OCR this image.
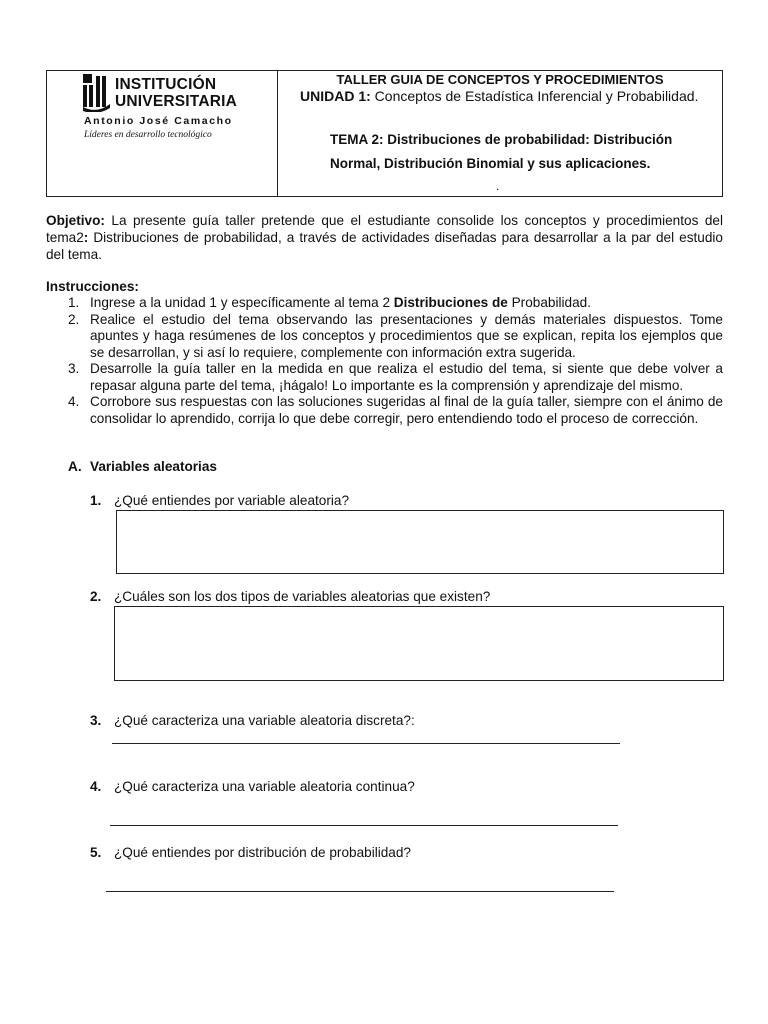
INSTITUCIÓN
UNIVERSITARIA
Antonio José Camacho
Líderes en desarrollo tecnológico
TALLER GUIA DE CONCEPTOS Y PROCEDIMIENTOS
UNIDAD 1: Conceptos de Estadística Inferencial y Probabilidad.
TEMA 2: Distribuciones de probabilidad: Distribución
Normal, Distribución Binomial y sus aplicaciones.
.
Objetivo: La presente guía taller pretende que el estudiante consolide los conceptos y procedimientos del tema2: Distribuciones de probabilidad, a través de actividades diseñadas para desarrollar a la par del estudio del tema.
Instrucciones:
1. Ingrese a la unidad 1 y específicamente al tema 2 Distribuciones de Probabilidad.
2. Realice el estudio del tema observando las presentaciones y demás materiales dispuestos. Tome apuntes y haga resúmenes de los conceptos y procedimientos que se explican, repita los ejemplos que se desarrollan, y si así lo requiere, complemente con información extra sugerida.
3. Desarrolle la guía taller en la medida en que realiza el estudio del tema, si siente que debe volver a repasar alguna parte del tema, ¡hágalo! Lo importante es la comprensión y aprendizaje del mismo.
4. Corrobore sus respuestas con las soluciones sugeridas al final de la guía taller, siempre con el ánimo de consolidar lo aprendido, corrija lo que debe corregir, pero entendiendo todo el proceso de corrección.
A. Variables aleatorias
1. ¿Qué entiendes por variable aleatoria?
2. ¿Cuáles son los dos tipos de variables aleatorias que existen?
3. ¿Qué caracteriza una variable aleatoria discreta?:
4. ¿Qué caracteriza una variable aleatoria continua?
5. ¿Qué entiendes por distribución de probabilidad?
